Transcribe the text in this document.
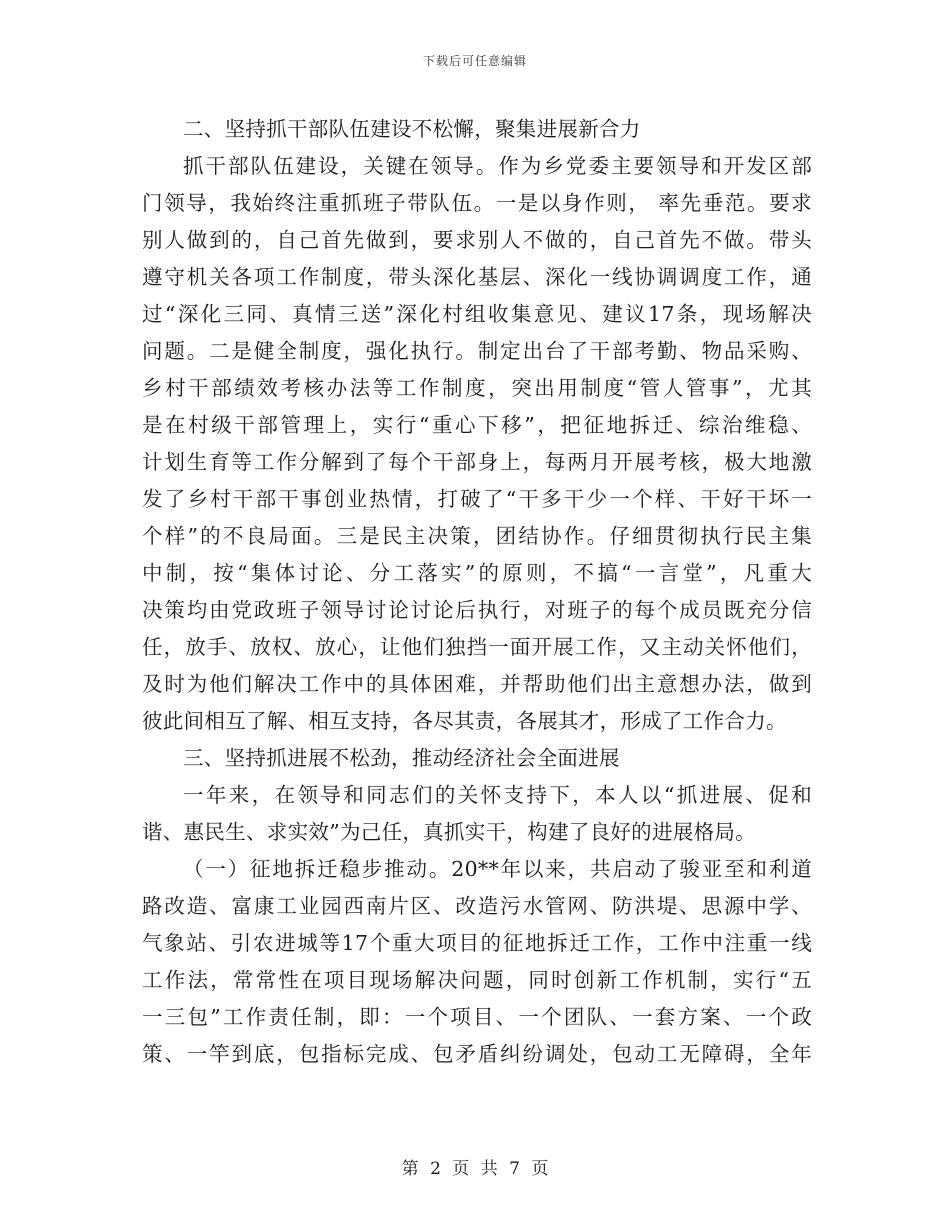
下载后可任意编辑
二、坚持抓干部队伍建设不松懈，聚集进展新合力
抓干部队伍建设，关键在领导。作为乡党委主要领导和开发区部
门领导，我始终注重抓班子带队伍。一是以身作则， 率先垂范。要求
别人做到的，自己首先做到，要求别人不做的，自己首先不做。带头
遵守机关各项工作制度，带头深化基层、深化一线协调调度工作，通
过“深化三同、真情三送”深化村组收集意见、建议17条，现场解决
问题。二是健全制度，强化执行。制定出台了干部考勤、物品采购、
乡村干部绩效考核办法等工作制度，突出用制度“管人管事”，尤其
是在村级干部管理上，实行“重心下移”，把征地拆迁、综治维稳、
计划生育等工作分解到了每个干部身上，每两月开展考核，极大地激
发了乡村干部干事创业热情，打破了“干多干少一个样、干好干坏一
个样”的不良局面。三是民主决策，团结协作。仔细贯彻执行民主集
中制，按“集体讨论、分工落实”的原则，不搞“一言堂”，凡重大
决策均由党政班子领导讨论讨论后执行，对班子的每个成员既充分信
任，放手、放权、放心，让他们独挡一面开展工作，又主动关怀他们，
及时为他们解决工作中的具体困难，并帮助他们出主意想办法，做到
彼此间相互了解、相互支持，各尽其责，各展其才，形成了工作合力。
三、坚持抓进展不松劲，推动经济社会全面进展
一年来，在领导和同志们的关怀支持下，本人以“抓进展、促和
谐、惠民生、求实效”为己任，真抓实干，构建了良好的进展格局。
（一）征地拆迁稳步推动。20**年以来，共启动了骏亚至和利道
路改造、富康工业园西南片区、改造污水管网、防洪堤、思源中学、
气象站、引农进城等17个重大项目的征地拆迁工作，工作中注重一线
工作法，常常性在项目现场解决问题，同时创新工作机制，实行“五
一三包”工作责任制，即：一个项目、一个团队、一套方案、一个政
策、一竿到底，包指标完成、包矛盾纠纷调处，包动工无障碍，全年
第 2 页 共 7 页
